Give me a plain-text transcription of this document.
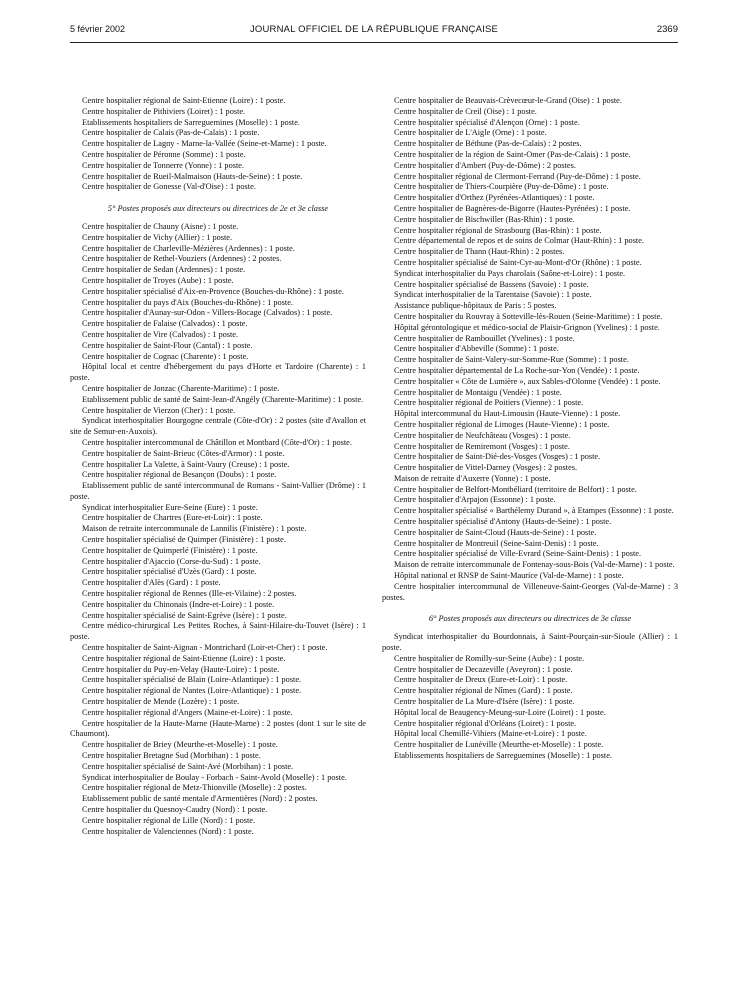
5 février 2002	JOURNAL OFFICIEL DE LA RÉPUBLIQUE FRANÇAISE	2369

Centre hospitalier régional de Saint-Etienne (Loire) : 1 poste.

Centre hospitalier de Pithiviers (Loiret) : 1 poste.

Etablissements hospitaliers de Sarreguemines (Moselle) : 1 poste.

Centre hospitalier de Calais (Pas-de-Calais) : 1 poste.

Centre hospitalier de Lagny - Marne-la-Vallée (Seine-et-Marne) : 1 poste.

Centre hospitalier de Péronne (Somme) : 1 poste.

Centre hospitalier de Tonnerre (Yonne) : 1 poste.

Centre hospitalier de Rueil-Malmaison (Hauts-de-Seine) : 1 poste.

Centre hospitalier de Gonesse (Val-d'Oise) : 1 poste.

5° Postes proposés aux directeurs ou directrices de 2e et 3e classe

Centre hospitalier de Chauny (Aisne) : 1 poste.

Centre hospitalier de Vichy (Allier) : 1 poste.

Centre hospitalier de Charleville-Mézières (Ardennes) : 1 poste.

Centre hospitalier de Rethel-Vouziers (Ardennes) : 2 postes.

Centre hospitalier de Sedan (Ardennes) : 1 poste.

Centre hospitalier de Troyes (Aube) : 1 poste.

Centre hospitalier spécialisé d'Aix-en-Provence (Bouches-du-Rhône) : 1 poste.

Centre hospitalier du pays d'Aix (Bouches-du-Rhône) : 1 poste.

Centre hospitalier d'Aunay-sur-Odon - Villers-Bocage (Calvados) : 1 poste.

Centre hospitalier de Falaise (Calvados) : 1 poste.

Centre hospitalier de Vire (Calvados) : 1 poste.

Centre hospitalier de Saint-Flour (Cantal) : 1 poste.

Centre hospitalier de Cognac (Charente) : 1 poste.

Hôpital local et centre d'hébergement du pays d'Horte et Tardoire (Charente) : 1 poste.

Centre hospitalier de Jonzac (Charente-Maritime) : 1 poste.

Etablissement public de santé de Saint-Jean-d'Angély (Charente-Maritime) : 1 poste.

Centre hospitalier de Vierzon (Cher) : 1 poste.

Syndicat interhospitalier Bourgogne centrale (Côte-d'Or) : 2 postes (site d'Avallon et site de Semur-en-Auxois).

Centre hospitalier intercommunal de Châtillon et Montbard (Côte-d'Or) : 1 poste.

Centre hospitalier de Saint-Brieuc (Côtes-d'Armor) : 1 poste.

Centre hospitalier La Valette, à Saint-Vaury (Creuse) : 1 poste.

Centre hospitalier régional de Besançon (Doubs) : 1 poste.

Etablissement public de santé intercommunal de Romans - Saint-Vallier (Drôme) : 1 poste.

Syndicat interhospitalier Eure-Seine (Eure) : 1 poste.

Centre hospitalier de Chartres (Eure-et-Loir) : 1 poste.

Maison de retraite intercommunale de Lannilis (Finistère) : 1 poste.

Centre hospitalier spécialisé de Quimper (Finistère) : 1 poste.

Centre hospitalier de Quimperlé (Finistère) : 1 poste.

Centre hospitalier d'Ajaccio (Corse-du-Sud) : 1 poste.

Centre hospitalier spécialisé d'Uzès (Gard) : 1 poste.

Centre hospitalier d'Alès (Gard) : 1 poste.

Centre hospitalier régional de Rennes (Ille-et-Vilaine) : 2 postes.

Centre hospitalier du Chinonais (Indre-et-Loire) : 1 poste.

Centre hospitalier spécialisé de Saint-Egrève (Isère) : 1 poste.

Centre médico-chirurgical Les Petites Roches, à Saint-Hilaire-du-Touvet (Isère) : 1 poste.

Centre hospitalier de Saint-Aignan - Montrichard (Loir-et-Cher) : 1 poste.

Centre hospitalier régional de Saint-Etienne (Loire) : 1 poste.

Centre hospitalier du Puy-en-Velay (Haute-Loire) : 1 poste.

Centre hospitalier spécialisé de Blain (Loire-Atlantique) : 1 poste.

Centre hospitalier régional de Nantes (Loire-Atlantique) : 1 poste.

Centre hospitalier de Mende (Lozère) : 1 poste.

Centre hospitalier régional d'Angers (Maine-et-Loire) : 1 poste.

Centre hospitalier de la Haute-Marne (Haute-Marne) : 2 postes (dont 1 sur le site de Chaumont).

Centre hospitalier de Briey (Meurthe-et-Moselle) : 1 poste.

Centre hospitalier Bretagne Sud (Morbihan) : 1 poste.

Centre hospitalier spécialisé de Saint-Avé (Morbihan) : 1 poste.

Syndicat interhospitalier de Boulay - Forbach - Saint-Avold (Moselle) : 1 poste.

Centre hospitalier régional de Metz-Thionville (Moselle) : 2 postes.

Etablissement public de santé mentale d'Armentières (Nord) : 2 postes.

Centre hospitalier du Quesnoy-Caudry (Nord) : 1 poste.

Centre hospitalier régional de Lille (Nord) : 1 poste.

Centre hospitalier de Valenciennes (Nord) : 1 poste.

Centre hospitalier de Beauvais-Crèvecœur-le-Grand (Oise) : 1 poste.

Centre hospitalier de Creil (Oise) : 1 poste.

Centre hospitalier spécialisé d'Alençon (Orne) : 1 poste.

Centre hospitalier de L'Aigle (Orne) : 1 poste.

Centre hospitalier de Béthune (Pas-de-Calais) : 2 postes.

Centre hospitalier de la région de Saint-Omer (Pas-de-Calais) : 1 poste.

Centre hospitalier d'Ambert (Puy-de-Dôme) : 2 postes.

Centre hospitalier régional de Clermont-Ferrand (Puy-de-Dôme) : 1 poste.

Centre hospitalier de Thiers-Courpière (Puy-de-Dôme) : 1 poste.

Centre hospitalier d'Orthez (Pyrénées-Atlantiques) : 1 poste.

Centre hospitalier de Bagnères-de-Bigorre (Hautes-Pyrénées) : 1 poste.

Centre hospitalier de Bischwiller (Bas-Rhin) : 1 poste.

Centre hospitalier régional de Strasbourg (Bas-Rhin) : 1 poste.

Centre départemental de repos et de soins de Colmar (Haut-Rhin) : 1 poste.

Centre hospitalier de Thann (Haut-Rhin) : 2 postes.

Centre hospitalier spécialisé de Saint-Cyr-au-Mont-d'Or (Rhône) : 1 poste.

Syndicat interhospitalier du Pays charolais (Saône-et-Loire) : 1 poste.

Centre hospitalier spécialisé de Bassens (Savoie) : 1 poste.

Syndicat interhospitalier de la Tarentaise (Savoie) : 1 poste.

Assistance publique-hôpitaux de Paris : 5 postes.

Centre hospitalier du Rouvray à Sotteville-lès-Rouen (Seine-Maritime) : 1 poste.

Hôpital gérontologique et médico-social de Plaisir-Grignon (Yvelines) : 1 poste.

Centre hospitalier de Rambouillet (Yvelines) : 1 poste.

Centre hospitalier d'Abbeville (Somme) : 1 poste.

Centre hospitalier de Saint-Valery-sur-Somme-Rue (Somme) : 1 poste.

Centre hospitalier départemental de La Roche-sur-Yon (Vendée) : 1 poste.

Centre hospitalier « Côte de Lumière », aux Sables-d'Olonne (Vendée) : 1 poste.

Centre hospitalier de Montaigu (Vendée) : 1 poste.

Centre hospitalier régional de Poitiers (Vienne) : 1 poste.

Hôpital intercommunal du Haut-Limousin (Haute-Vienne) : 1 poste.

Centre hospitalier régional de Limoges (Haute-Vienne) : 1 poste.

Centre hospitalier de Neufchâteau (Vosges) : 1 poste.

Centre hospitalier de Remiremont (Vosges) : 1 poste.

Centre hospitalier de Saint-Dié-des-Vosges (Vosges) : 1 poste.

Centre hospitalier de Vittel-Darney (Vosges) : 2 postes.

Maison de retraite d'Auxerre (Yonne) : 1 poste.

Centre hospitalier de Belfort-Montbéliard (territoire de Belfort) : 1 poste.

Centre hospitalier d'Arpajon (Essonne) : 1 poste.

Centre hospitalier spécialisé « Barthélemy Durand », à Etampes (Essonne) : 1 poste.

Centre hospitalier spécialisé d'Antony (Hauts-de-Seine) : 1 poste.

Centre hospitalier de Saint-Cloud (Hauts-de-Seine) : 1 poste.

Centre hospitalier de Montreuil (Seine-Saint-Denis) : 1 poste.

Centre hospitalier spécialisé de Ville-Evrard (Seine-Saint-Denis) : 1 poste.

Maison de retraite intercommunale de Fontenay-sous-Bois (Val-de-Marne) : 1 poste.

Hôpital national et RNSP de Saint-Maurice (Val-de-Marne) : 1 poste.

Centre hospitalier intercommunal de Villeneuve-Saint-Georges (Val-de-Marne) : 3 postes.

6° Postes proposés aux directeurs ou directrices de 3e classe

Syndicat interhospitalier du Bourdonnais, à Saint-Pourçain-sur-Sioule (Allier) : 1 poste.

Centre hospitalier de Romilly-sur-Seine (Aube) : 1 poste.

Centre hospitalier de Decazeville (Aveyron) : 1 poste.

Centre hospitalier de Dreux (Eure-et-Loir) : 1 poste.

Centre hospitalier régional de Nîmes (Gard) : 1 poste.

Centre hospitalier de La Mure-d'Isère (Isère) : 1 poste.

Hôpital local de Beaugency-Meung-sur-Loire (Loiret) : 1 poste.

Centre hospitalier régional d'Orléans (Loiret) : 1 poste.

Hôpital local Chemillé-Vihiers (Maine-et-Loire) : 1 poste.

Centre hospitalier de Lunéville (Meurthe-et-Moselle) : 1 poste.

Etablissements hospitaliers de Sarreguemines (Moselle) : 1 poste.
